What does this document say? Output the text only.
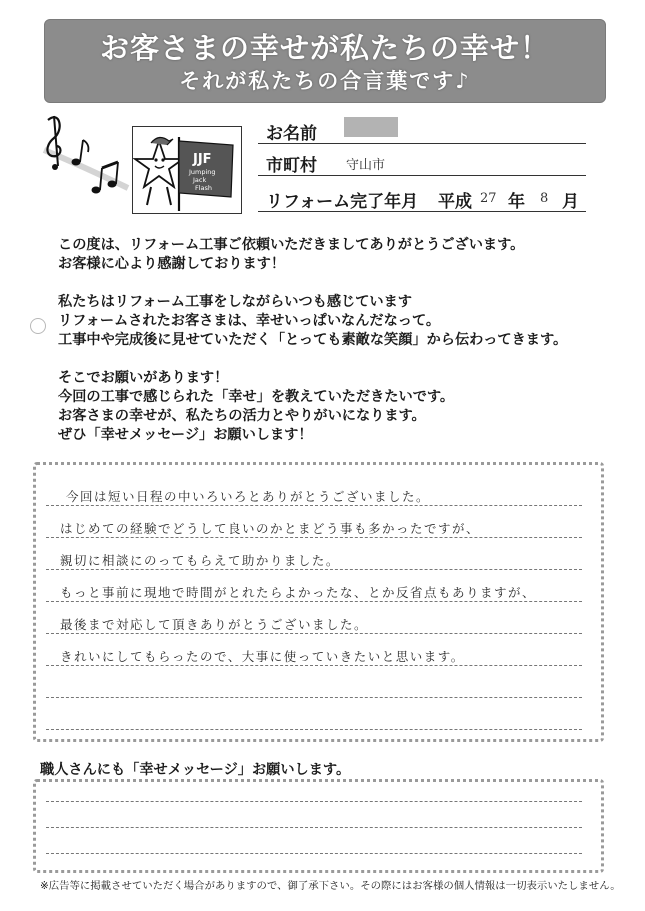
お客さまの幸せが私たちの幸せ！
それが私たちの合言葉です♪
JJF
Jumping
Jack
Flash
お名前
市町村 守山市
リフォーム完了年月 平成 27 年 8 月

この度は、リフォーム工事ご依頼いただきましてありがとうございます。

お客様に心より感謝しております！

私たちはリフォーム工事をしながらいつも感じています

リフォームされたお客さまは、幸せいっぱいなんだなって。

工事中や完成後に見せていただく「とっても素敵な笑顔」から伝わってきます。

そこでお願いがあります！

今回の工事で感じられた「幸せ」を教えていただきたいです。

お客さまの幸せが、私たちの活力とやりがいになります。

ぜひ「幸せメッセージ」お願いします！

今回は短い日程の中いろいろとありがとうございました。
はじめての経験でどうして良いのかとまどう事も多かったですが、
親切に相談にのってもらえて助かりました。
もっと事前に現地で時間がとれたらよかったな、とか反省点もありますが、
最後まで対応して頂きありがとうございました。
きれいにしてもらったので、大事に使っていきたいと思います。
職人さんにも「幸せメッセージ」お願いします。
※広告等に掲載させていただく場合がありますので、御了承下さい。その際にはお客様の個人情報は一切表示いたしません。
